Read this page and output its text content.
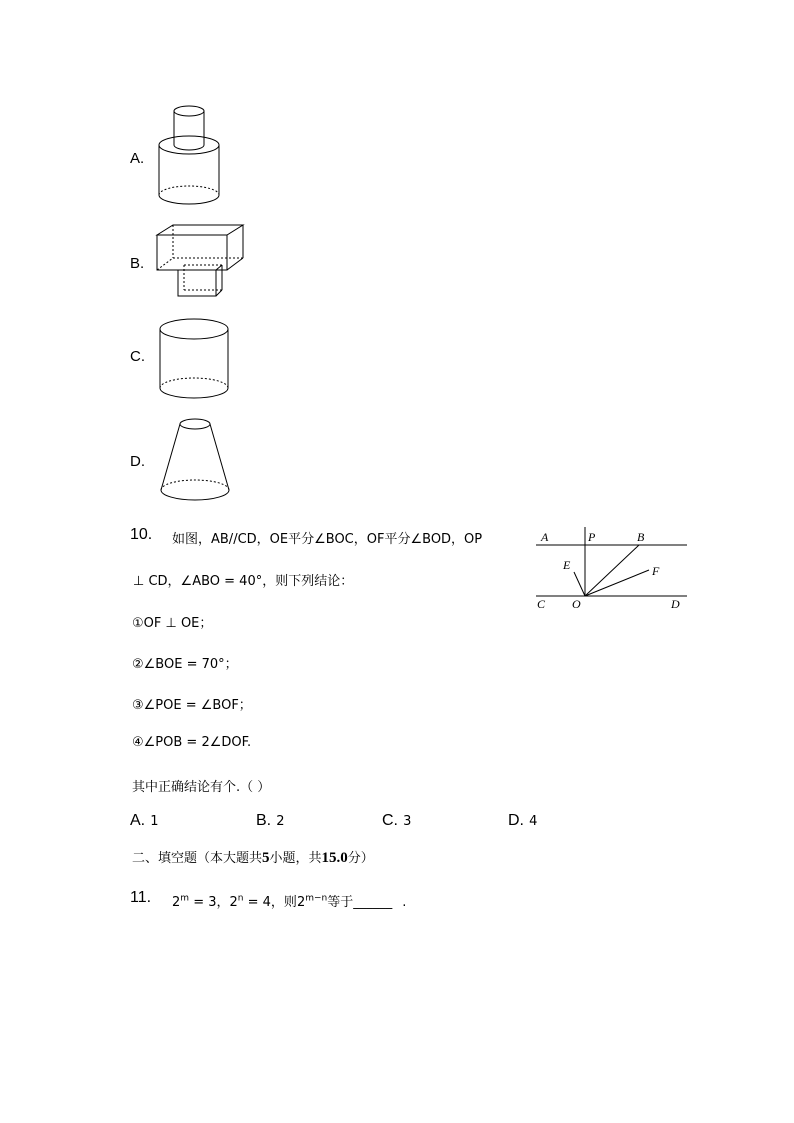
A.
B.
C.
D.
10. 如图，AB//CD，OE平分∠BOC，OF平分∠BOD，OP
⊥ CD，∠ABO = 40°，则下列结论：
A	P	B
E	F
C O	D
①OF ⊥ OE；
②∠BOE = 70°；
③∠POE = ∠BOF；
④∠POB = 2∠DOF.
其中正确结论有个.（ ）
A. 1	B. 2	C. 3	D. 4
二、填空题（本大题共5小题，共15.0分）
11. $2^m = 3$，$2^n = 4$，则$2^{m-n}$等于______ .
